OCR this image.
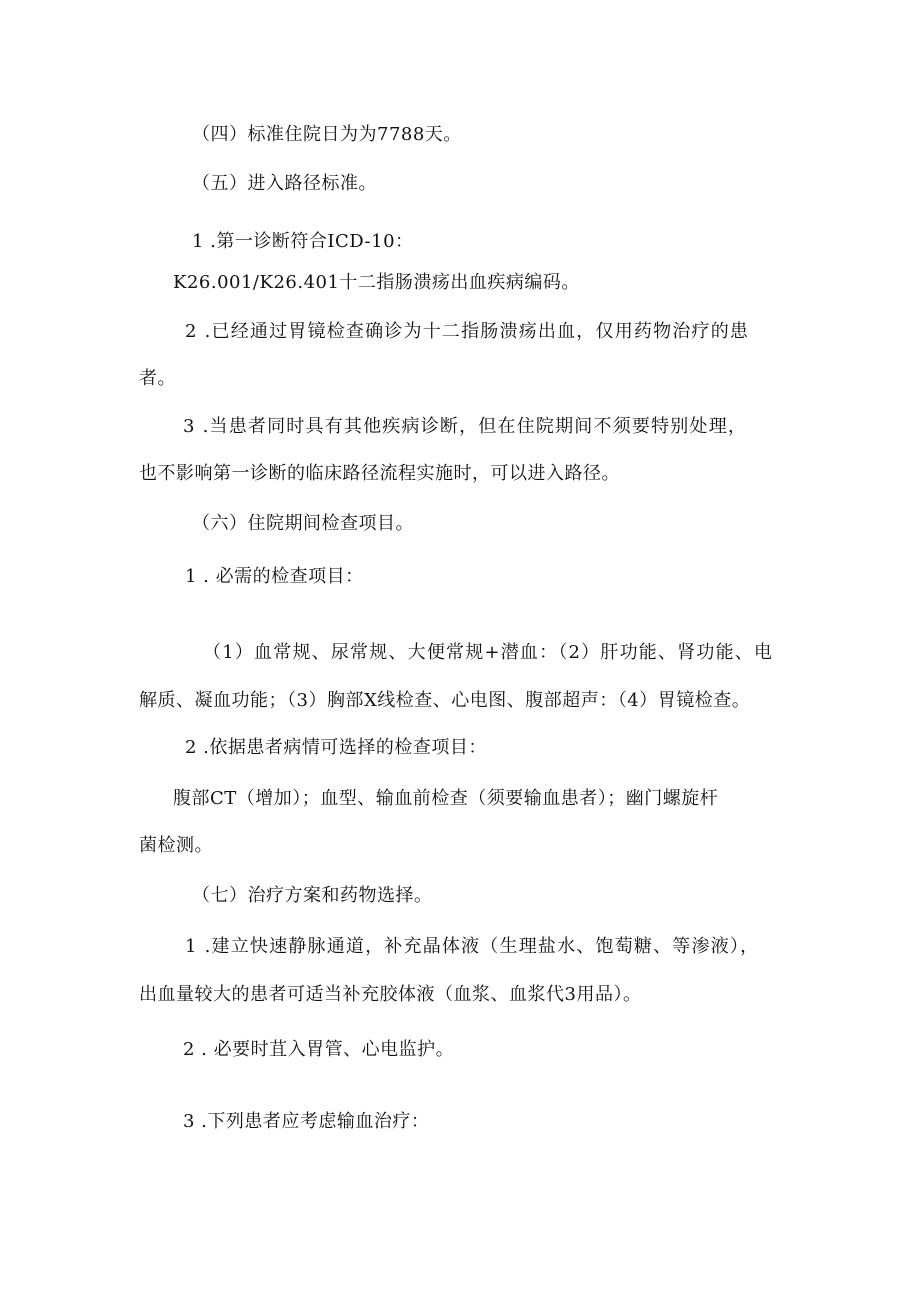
（四）标准住院日为为7788天。
（五）进入路径标准。
1 .第一诊断符合ICD-10：
K26.001/K26.401十二指肠溃疡出血疾病编码。
2 .已经通过胃镜检查确诊为十二指肠溃疡出血，仅用药物治疗的患
者。
3 .当患者同时具有其他疾病诊断，但在住院期间不须要特别处理，
也不影响第一诊断的临床路径流程实施时，可以进入路径。
（六）住院期间检查项目。
1 . 必需的检查项目：
（1）血常规、尿常规、大便常规+潜血：（2）肝功能、肾功能、电
解质、凝血功能；（3）胸部X线检查、心电图、腹部超声：（4）胃镜检查。
2 .依据患者病情可选择的检查项目：
腹部CT（增加）；血型、输血前检查（须要输血患者）；幽门螺旋杆
菌检测。
（七）治疗方案和药物选择。
1 .建立快速静脉通道，补充晶体液（生理盐水、饱萄糖、等渗液），
出血量较大的患者可适当补充胶体液（血浆、血浆代3用品）。
2 . 必要时苴入胃管、心电监护。
3 .下列患者应考虑输血治疗：
